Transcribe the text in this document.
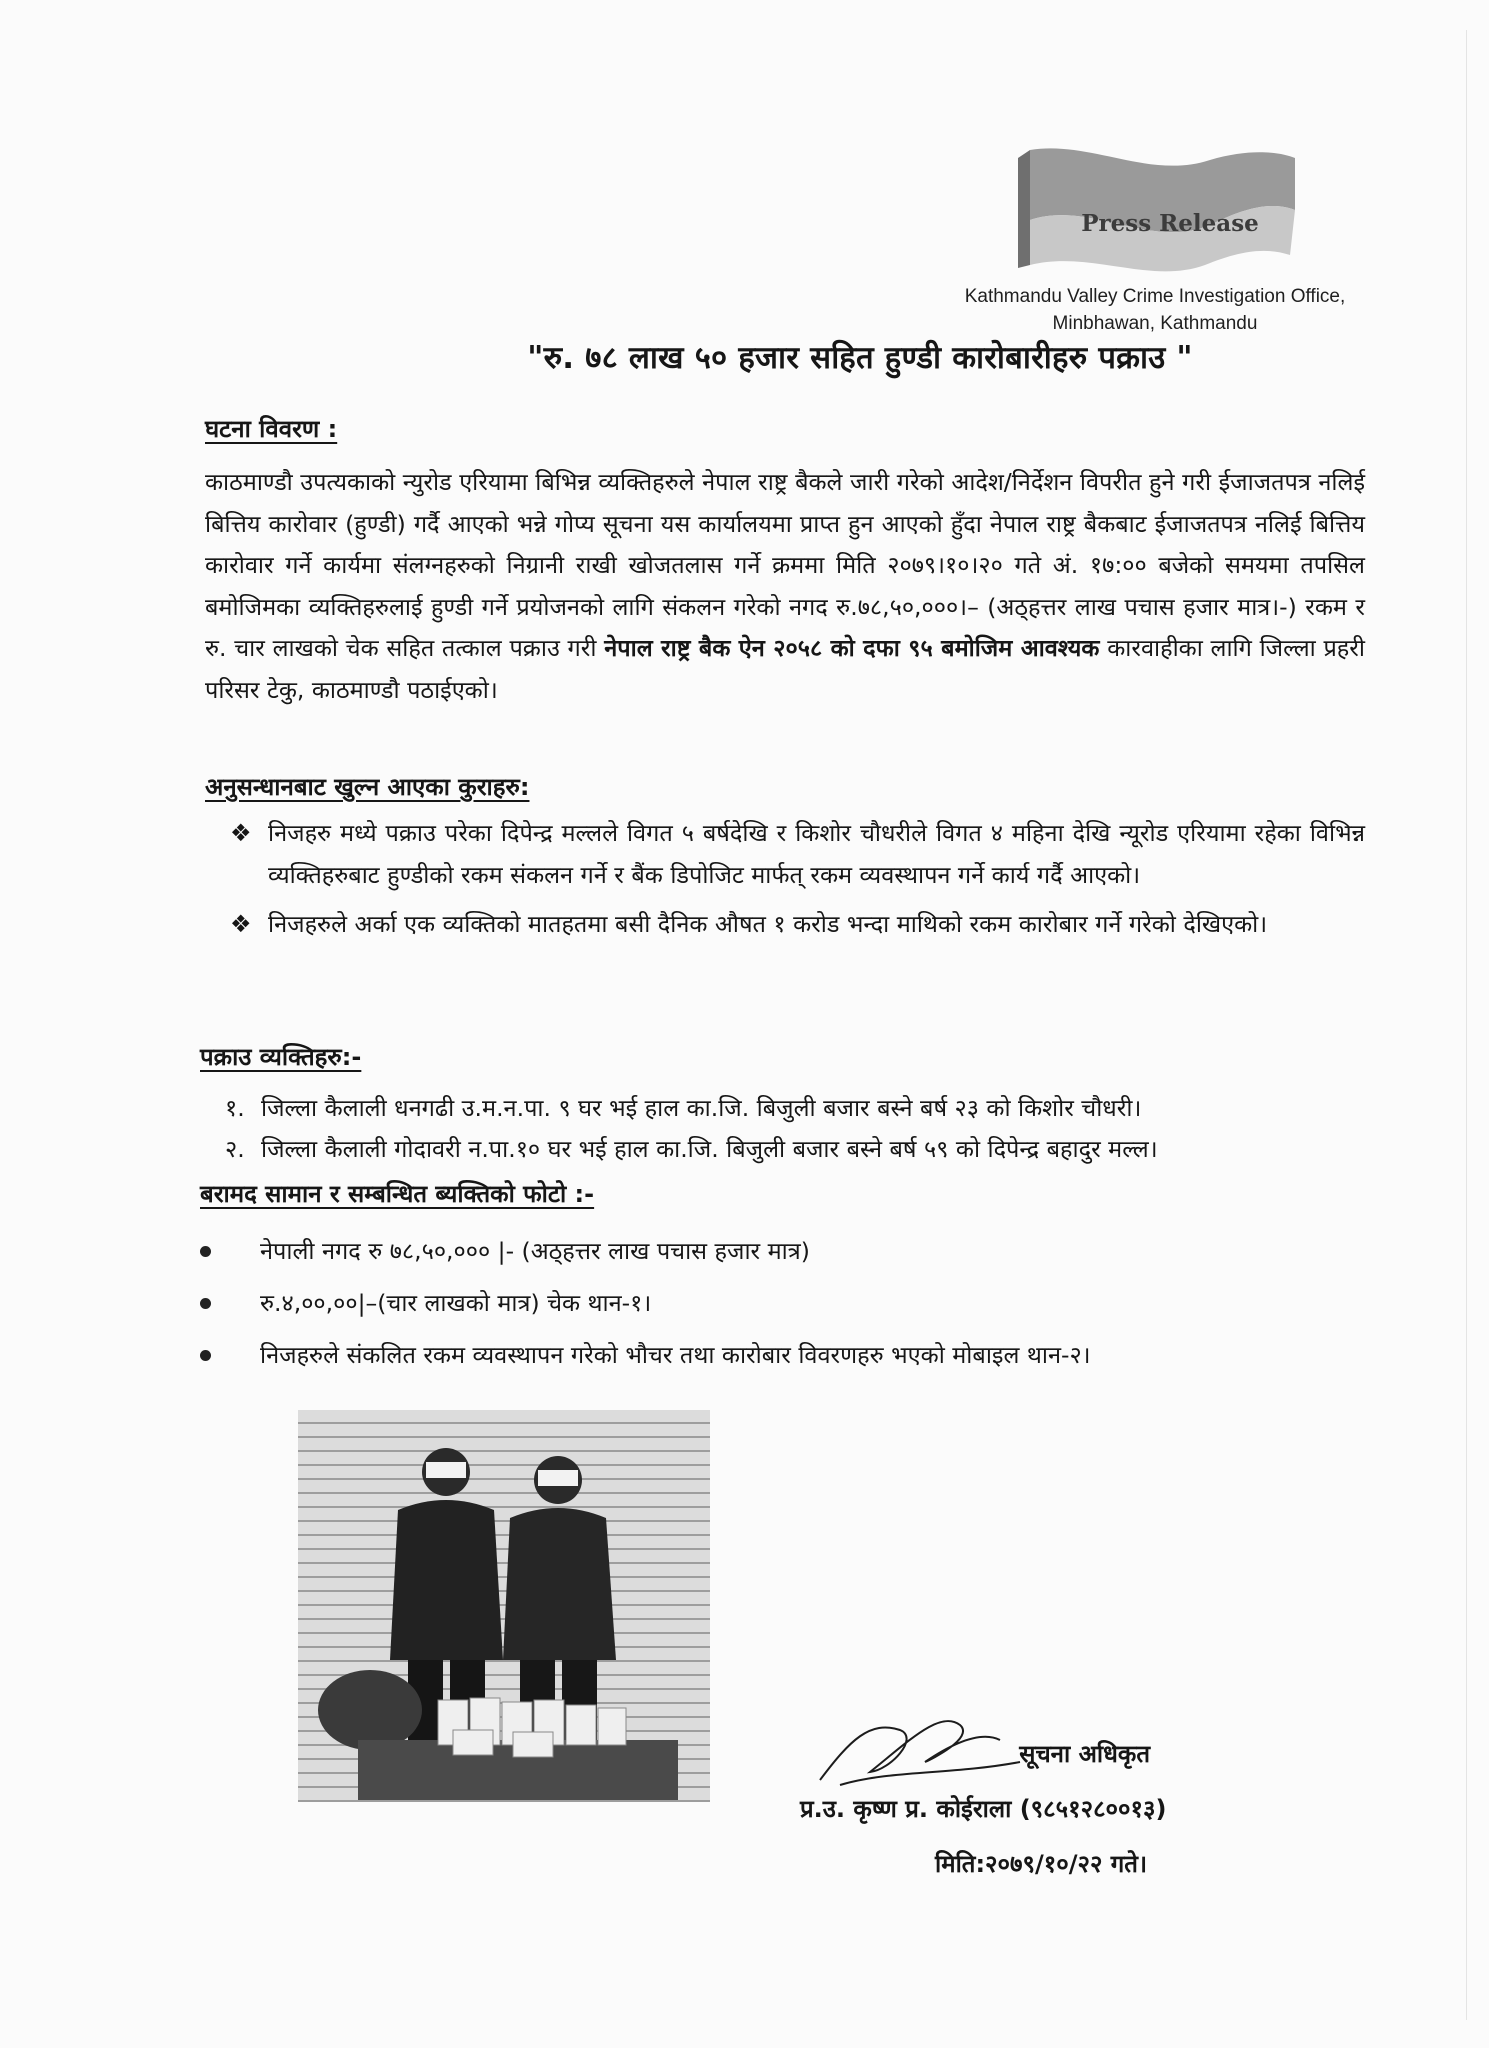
Press Release
Kathmandu Valley Crime Investigation Office,
Minbhawan, Kathmandu
"रु. ७८ लाख ५० हजार सहित हुण्डी कारोबारीहरु पक्राउ "
घटना विवरण :
काठमाण्डौ उपत्यकाको न्युरोड एरियामा बिभिन्न व्यक्तिहरुले नेपाल राष्ट्र बैकले जारी गरेको आदेश/निर्देशन विपरीत हुने गरी ईजाजतपत्र नलिई बित्तिय कारोवार (हुण्डी) गर्दै आएको भन्ने गोप्य सूचना यस कार्यालयमा प्राप्त हुन आएको हुँदा नेपाल राष्ट्र बैकबाट ईजाजतपत्र नलिई बित्तिय कारोवार गर्ने कार्यमा संलग्नहरुको निग्रानी राखी खोजतलास गर्ने क्रममा मिति २०७९।१०।२० गते अं. १७:०० बजेको समयमा तपसिल बमोजिमका व्यक्तिहरुलाई हुण्डी गर्ने प्रयोजनको लागि संकलन गरेको नगद रु.७८,५०,०००।– (अठ्हत्तर लाख पचास हजार मात्र।-) रकम र रु. चार लाखको चेक सहित तत्काल पक्राउ गरी नेपाल राष्ट्र बैक ऐन २०५८ को दफा ९५ बमोजिम आवश्यक कारवाहीका लागि जिल्ला प्रहरी परिसर टेकु, काठमाण्डौ पठाईएको।
अनुसन्धानबाट खुल्न आएका कुराहरु:
❖ निजहरु मध्ये पक्राउ परेका दिपेन्द्र मल्लले विगत ५ बर्षदेखि र किशोर चौधरीले विगत ४ महिना देखि न्यूरोड एरियामा रहेका विभिन्न व्यक्तिहरुबाट हुण्डीको रकम संकलन गर्ने र बैंक डिपोजिट मार्फत् रकम व्यवस्थापन गर्ने कार्य गर्दै आएको।
❖ निजहरुले अर्का एक व्यक्तिको मातहतमा बसी दैनिक औषत १ करोड भन्दा माथिको रकम कारोबार गर्ने गरेको देखिएको।
पक्राउ व्यक्तिहरु:-
१. जिल्ला कैलाली धनगढी उ.म.न.पा. ९ घर भई हाल का.जि. बिजुली बजार बस्ने बर्ष २३ को किशोर चौधरी।
२. जिल्ला कैलाली गोदावरी न.पा.१० घर भई हाल का.जि. बिजुली बजार बस्ने बर्ष ५९ को दिपेन्द्र बहादुर मल्ल।
बरामद सामान र सम्बन्धित ब्यक्तिको फोटो :-
नेपाली नगद रु ७८,५०,००० |- (अठ्हत्तर लाख पचास हजार मात्र)
रु.४,००,००|–(चार लाखको मात्र) चेक थान-१।
निजहरुले संकलित रकम व्यवस्थापन गरेको भौचर तथा कारोबार विवरणहरु भएको मोबाइल थान-२।
सूचना अधिकृत
प्र.उ. कृष्ण प्र. कोईराला (९८५१२८००१३)
मिति:२०७९/१०/२२ गते।
